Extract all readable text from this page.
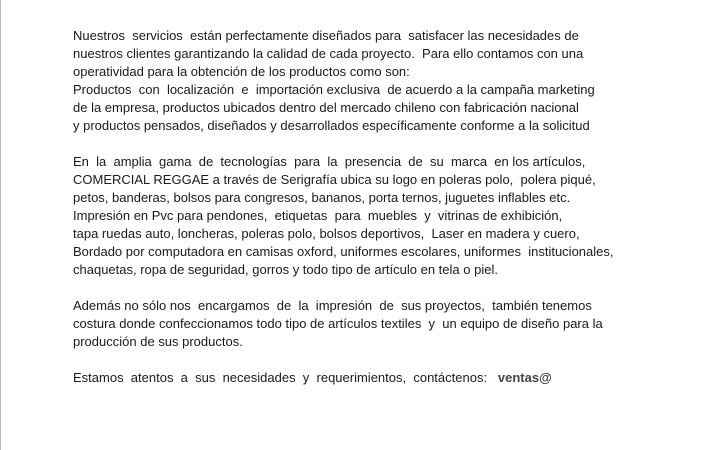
Nuestros  servicios  están perfectamente diseñados para  satisfacer las necesidades de
nuestros clientes garantizando la calidad de cada proyecto.  Para ello contamos con una
operatividad para la obtención de los productos como son:
Productos  con  localización  e  importación exclusiva  de acuerdo a la campaña marketing
de la empresa, productos ubicados dentro del mercado chileno con fabricación nacional
y productos pensados, diseñados y desarrollados específicamente conforme a la solicitud
En  la  amplia  gama  de  tecnologías  para  la  presencia  de  su  marca  en los artículos,
COMERCIAL REGGAE a través de Serigrafía ubica su logo en poleras polo,  polera piqué,
petos, banderas, bolsos para congresos, bananos, porta ternos, juguetes inflables etc.
Impresión en Pvc para pendones,  etiquetas  para  muebles  y  vitrinas de exhibición,
tapa ruedas auto, loncheras, poleras polo, bolsos deportivos,  Laser en madera y cuero,
Bordado por computadora en camisas oxford, uniformes escolares, uniformes  institucionales,
chaquetas, ropa de seguridad, gorros y todo tipo de artículo en tela o piel.
Además no sólo nos  encargamos  de  la  impresión  de  sus proyectos,  también tenemos
costura donde confeccionamos todo tipo de artículos textiles  y  un equipo de diseño para la
producción de sus productos.
Estamos  atentos  a  sus  necesidades  y  requerimientos,  contáctenos:   ventas@
